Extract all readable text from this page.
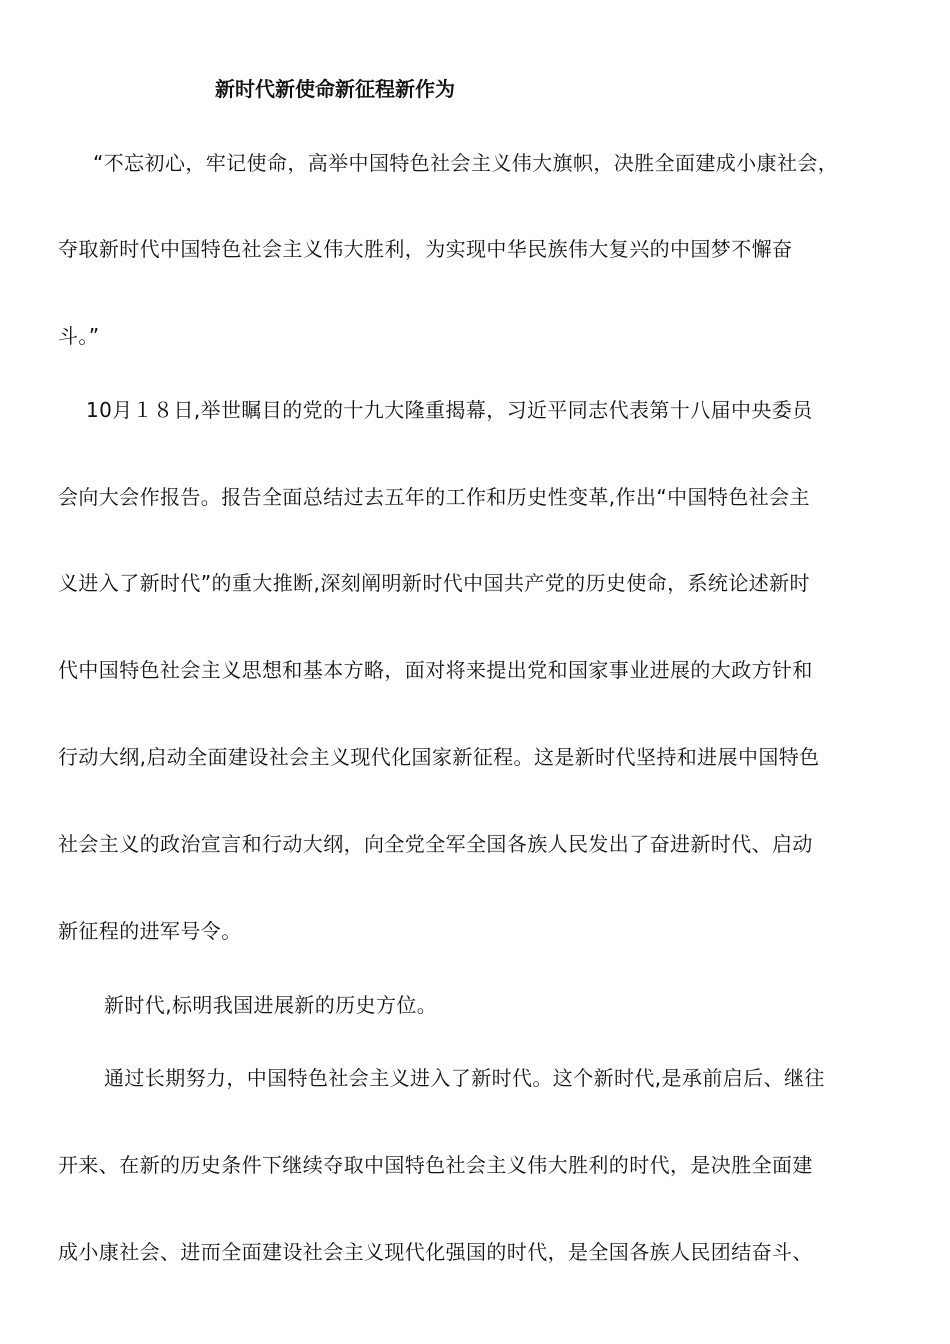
新时代新使命新征程新作为
“不忘初心，牢记使命，高举中国特色社会主义伟大旗帜，决胜全面建成小康社会，
夺取新时代中国特色社会主义伟大胜利，为实现中华民族伟大复兴的中国梦不懈奋
斗。”
10月１８日,举世瞩目的党的十九大隆重揭幕，习近平同志代表第十八届中央委员
会向大会作报告。报告全面总结过去五年的工作和历史性变革,作出“中国特色社会主
义进入了新时代”的重大推断,深刻阐明新时代中国共产党的历史使命，系统论述新时
代中国特色社会主义思想和基本方略，面对将来提出党和国家事业进展的大政方针和
行动大纲,启动全面建设社会主义现代化国家新征程。这是新时代坚持和进展中国特色
社会主义的政治宣言和行动大纲，向全党全军全国各族人民发出了奋进新时代、启动
新征程的进军号令。
新时代,标明我国进展新的历史方位。
通过长期努力，中国特色社会主义进入了新时代。这个新时代,是承前启后、继往
开来、在新的历史条件下继续夺取中国特色社会主义伟大胜利的时代，是决胜全面建
成小康社会、进而全面建设社会主义现代化强国的时代，是全国各族人民团结奋斗、
